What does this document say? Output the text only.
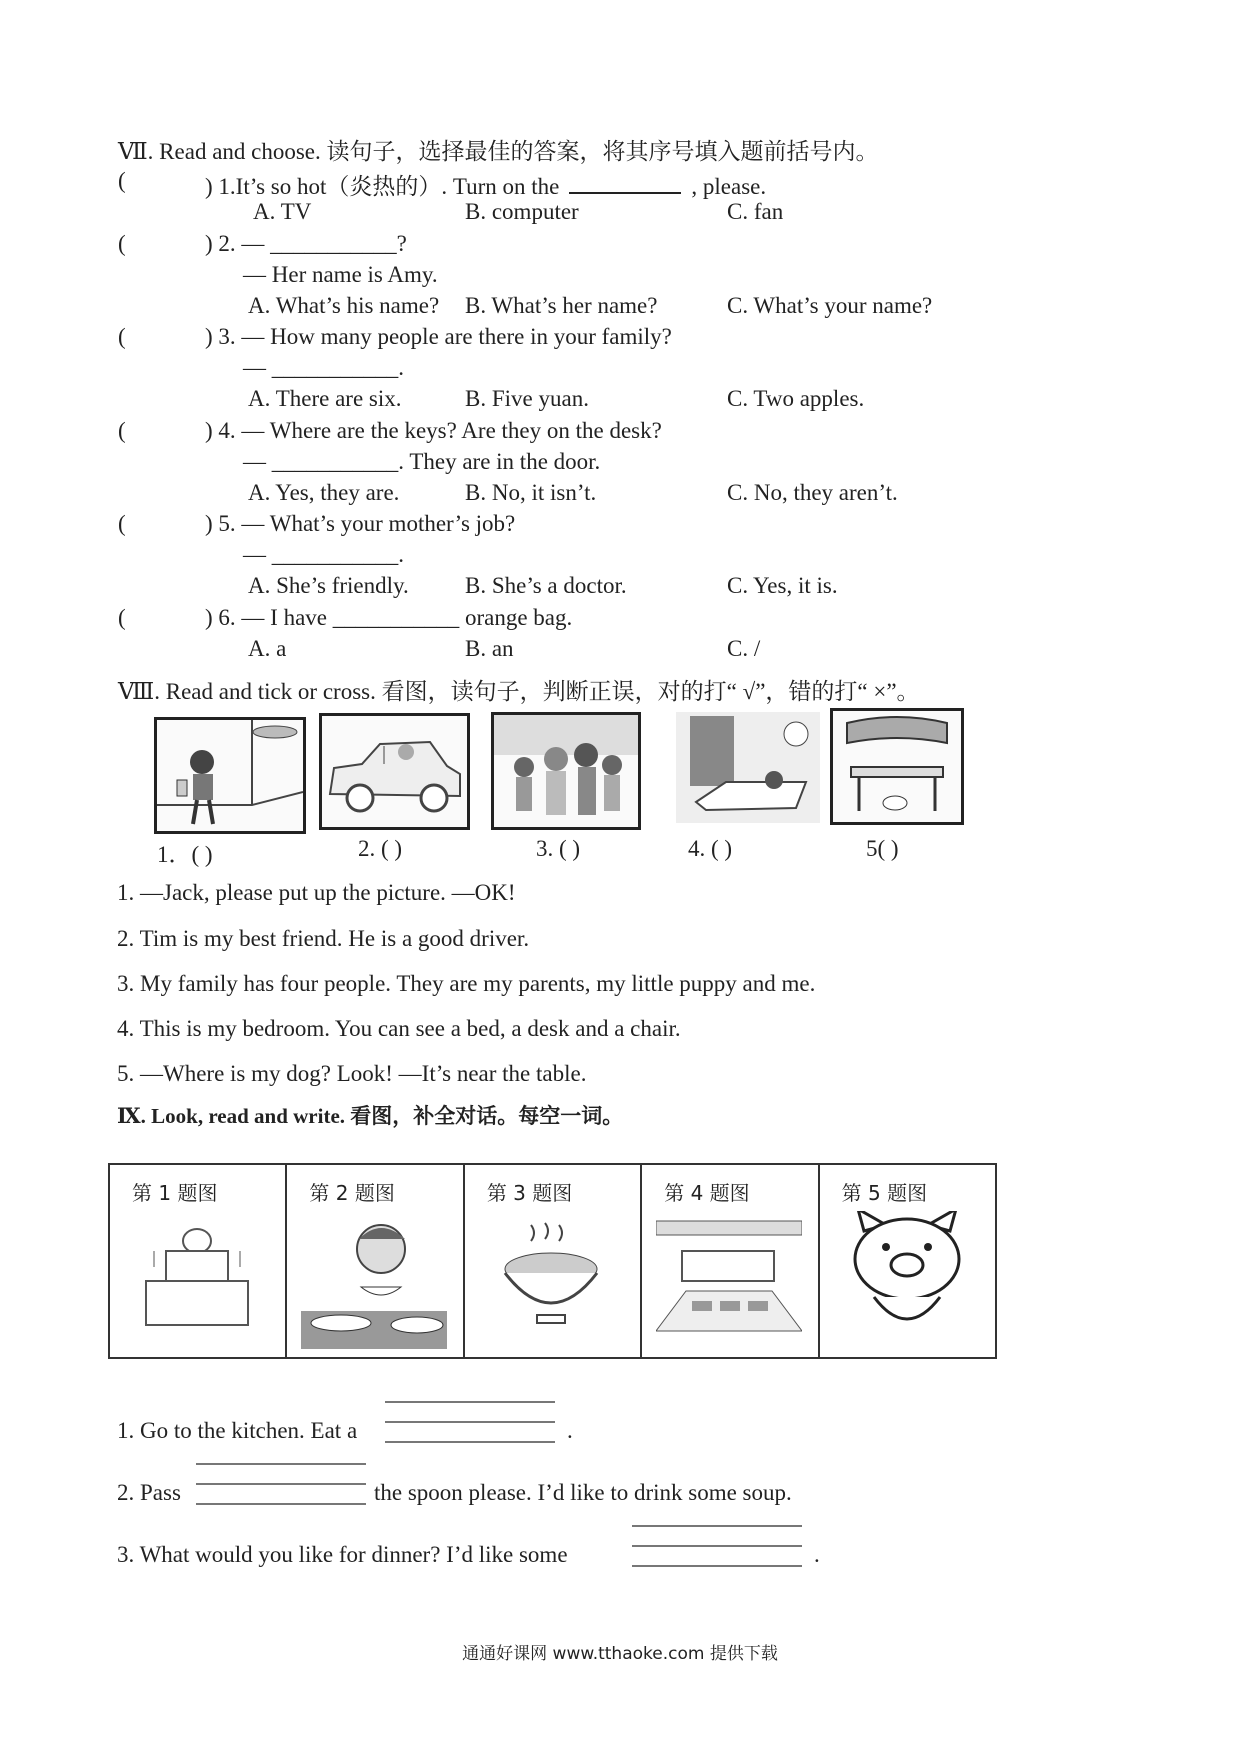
Ⅶ. Read and choose. 读句子，选择最佳的答案，将其序号填入题前括号内。
(	) 1.It’s so hot（炎热的）. Turn on the	, please.
A. TV	B. computer	C. fan
(	) 2. — ___________?
— Her name is Amy.
A. What’s his name? B. What’s her name?	C. What’s your name?
(	) 3. — How many people are there in your family?
— ___________.
A. There are six.	B. Five yuan.	C. Two apples.
(	) 4. — Where are the keys? Are they on the desk?
— ___________. They are in the door.
A. Yes, they are.	B. No, it isn’t.	C. No, they aren’t.
(	) 5. — What’s your mother’s job?
— ___________.
A. She’s friendly. B. She’s a doctor.	C. Yes, it is.
(	) 6. — I have ___________ orange bag.
A. a	B. an	C. /
Ⅷ. Read and tick or cross. 看图，读句子，判断正误，对的打“ √”，错的打“ ×”。
1．( )	2. ( )	3. ( )	4. ( )	5( )
1. —Jack, please put up the picture. —OK!
2. Tim is my best friend. He is a good driver.
3. My family has four people. They are my parents, my little puppy and me.
4. This is my bedroom. You can see a bed, a desk and a chair.
5. —Where is my dog? Look! —It’s near the table.
Ⅸ. Look, read and write. 看图，补全对话。每空一词。
第 1 题图	第 2 题图	第 3 题图	第 4 题图	第 5 题图
1. Go to the kitchen. Eat a	.
2. Pass	the spoon please. I’d like to drink some soup.
3. What would you like for dinner? I’d like some	.
通通好课网 www.tthaoke.com 提供下载
